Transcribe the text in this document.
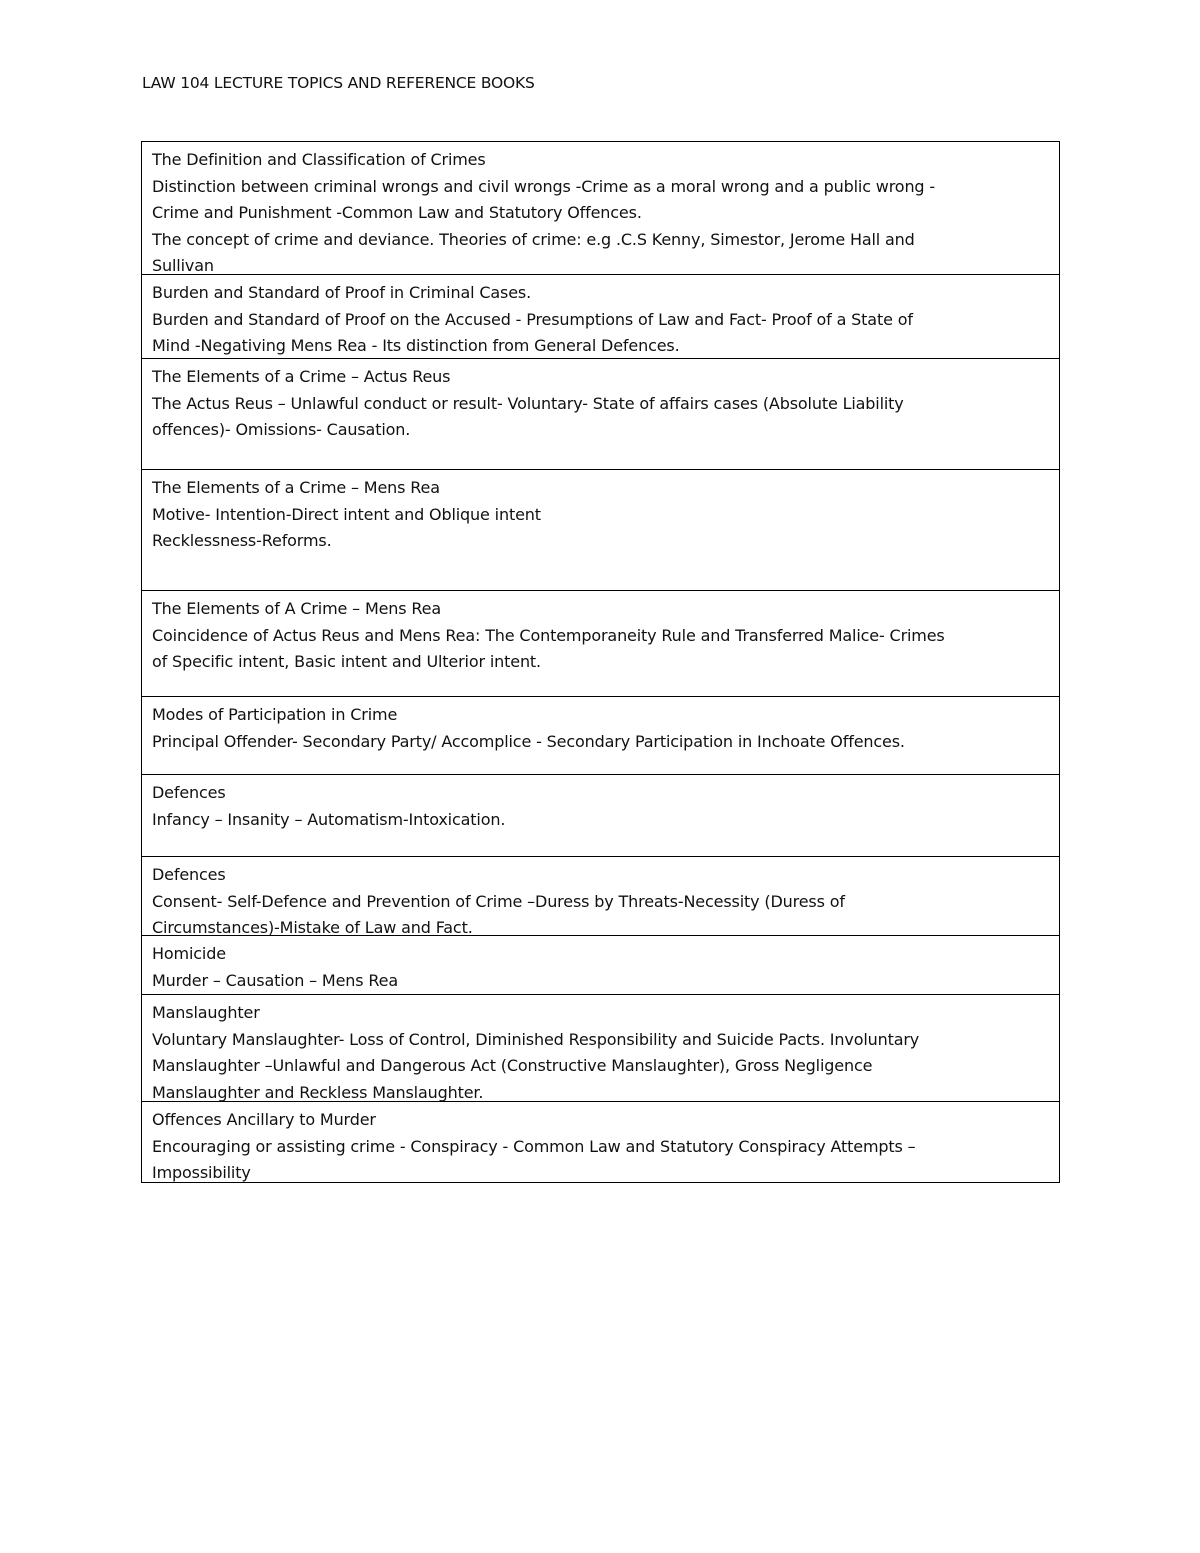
LAW 104 LECTURE TOPICS AND REFERENCE BOOKS
The Definition and Classification of Crimes
Distinction between criminal wrongs and civil wrongs -Crime as a moral wrong and a public wrong -
Crime and Punishment -Common Law and Statutory Offences.
The concept of crime and deviance. Theories of crime: e.g .C.S Kenny, Simestor, Jerome Hall and
Sullivan
Burden and Standard of Proof in Criminal Cases.
Burden and Standard of Proof on the Accused - Presumptions of Law and Fact- Proof of a State of
Mind -Negativing Mens Rea - Its distinction from General Defences.
The Elements of a Crime – Actus Reus
The Actus Reus – Unlawful conduct or result- Voluntary- State of affairs cases (Absolute Liability
offences)- Omissions- Causation.
The Elements of a Crime – Mens Rea
Motive- Intention-Direct intent and Oblique intent
Recklessness-Reforms.
The Elements of A Crime – Mens Rea
Coincidence of Actus Reus and Mens Rea: The Contemporaneity Rule and Transferred Malice- Crimes
of Specific intent, Basic intent and Ulterior intent.
Modes of Participation in Crime
Principal Offender- Secondary Party/ Accomplice - Secondary Participation in Inchoate Offences.
Defences
Infancy – Insanity – Automatism-Intoxication.
Defences
Consent- Self-Defence and Prevention of Crime –Duress by Threats-Necessity (Duress of
Circumstances)-Mistake of Law and Fact.
Homicide
Murder – Causation – Mens Rea
Manslaughter
Voluntary Manslaughter- Loss of Control, Diminished Responsibility and Suicide Pacts. Involuntary
Manslaughter –Unlawful and Dangerous Act (Constructive Manslaughter), Gross Negligence
Manslaughter and Reckless Manslaughter.
Offences Ancillary to Murder
Encouraging or assisting crime - Conspiracy - Common Law and Statutory Conspiracy Attempts –
Impossibility
